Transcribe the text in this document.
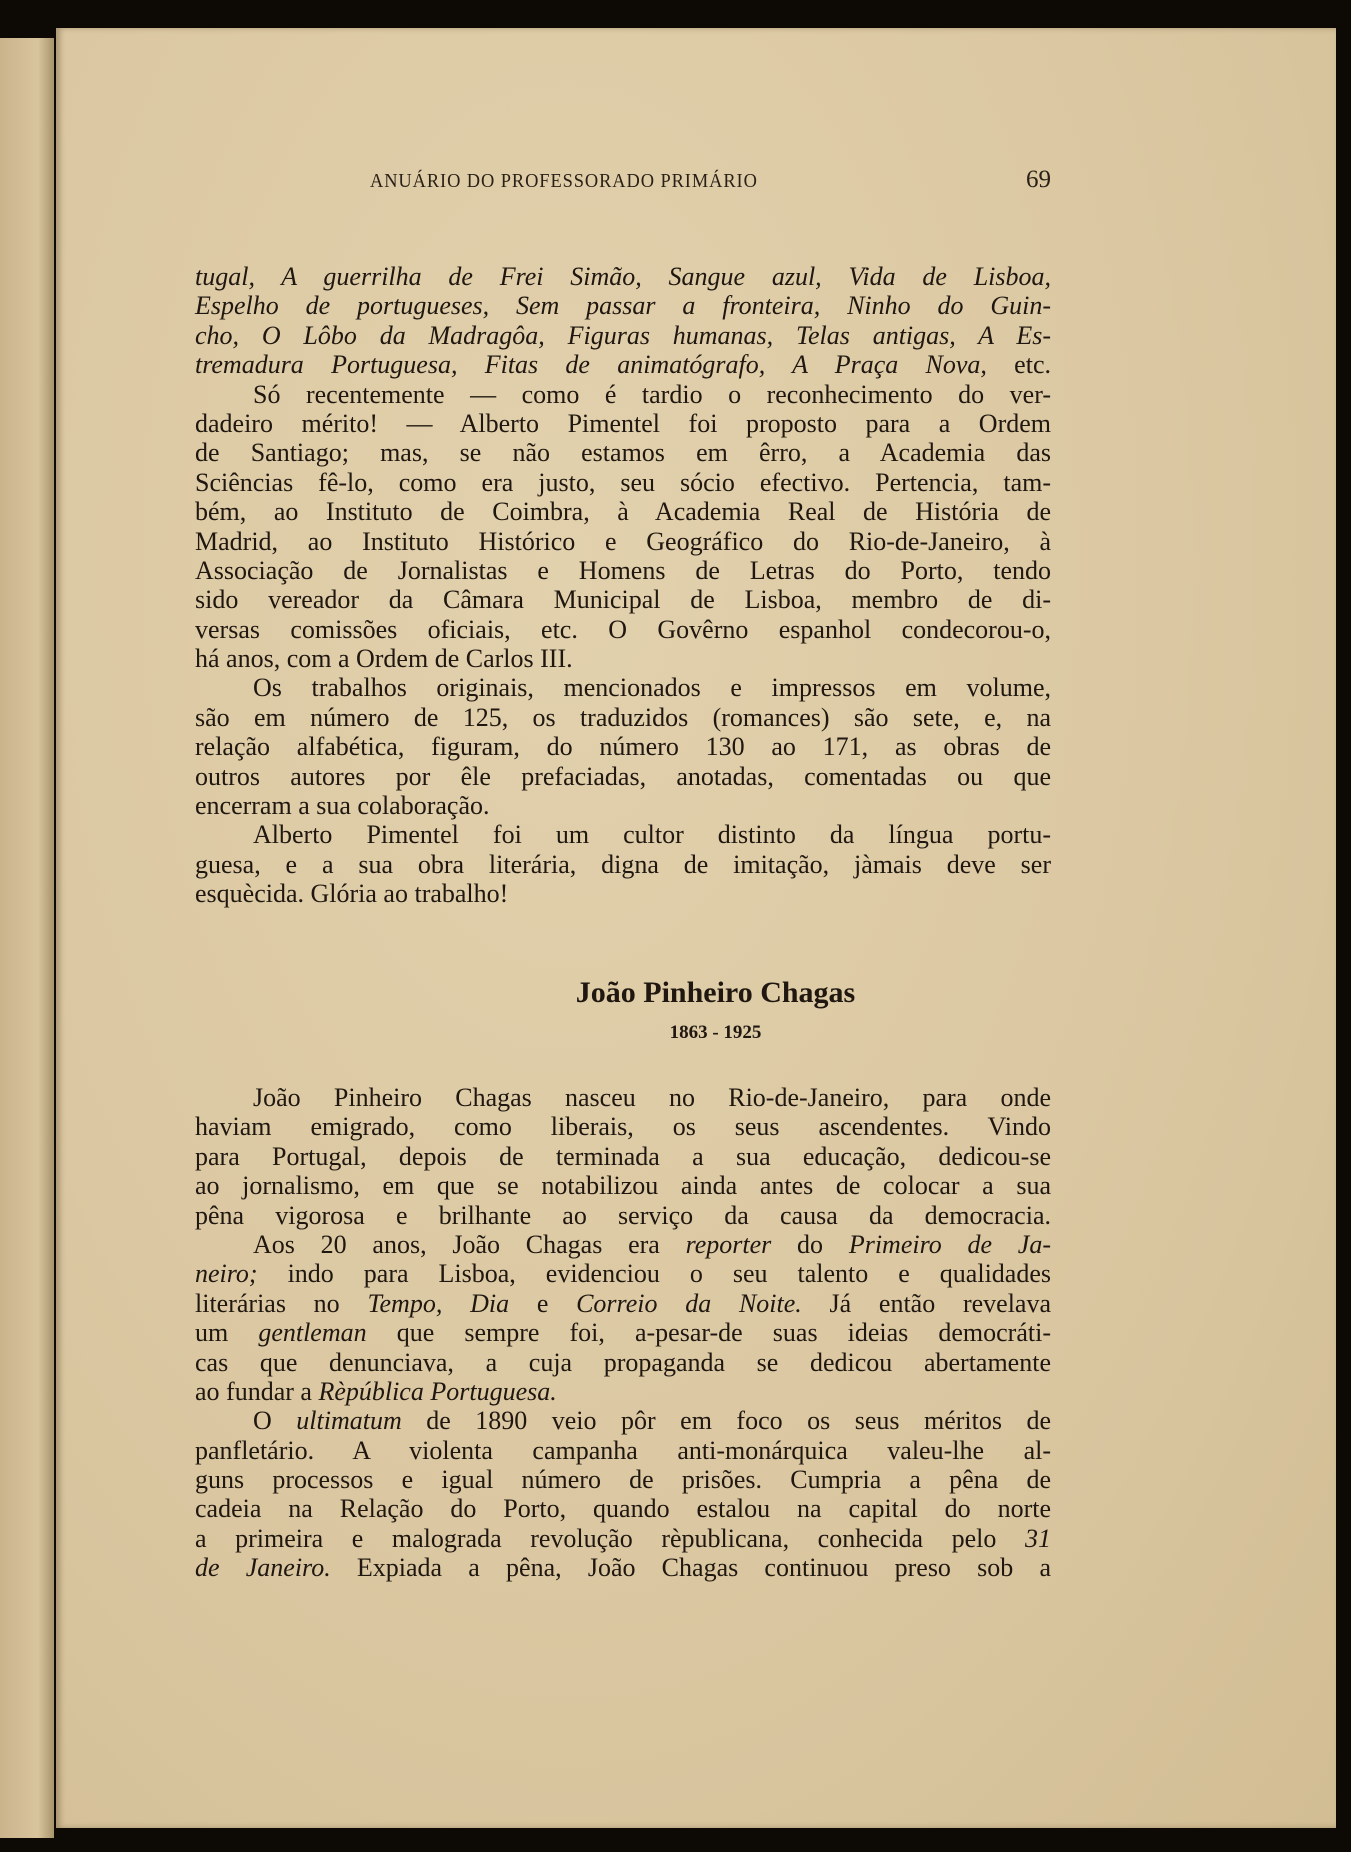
ANUÁRIO DO PROFESSORADO PRIMÁRIO	69
tugal, A guerrilha de Frei Simão, Sangue azul, Vida de Lisboa,
Espelho de portugueses, Sem passar a fronteira, Ninho do Guin-
cho, O Lôbo da Madragôa, Figuras humanas, Telas antigas, A Es-
tremadura Portuguesa, Fitas de animatógrafo, A Praça Nova, etc.
Só recentemente — como é tardio o reconhecimento do ver-
dadeiro mérito! — Alberto Pimentel foi proposto para a Ordem
de Santiago; mas, se não estamos em êrro, a Academia das
Sciências fê-lo, como era justo, seu sócio efectivo. Pertencia, tam-
bém, ao Instituto de Coimbra, à Academia Real de História de
Madrid, ao Instituto Histórico e Geográfico do Rio-de-Janeiro, à
Associação de Jornalistas e Homens de Letras do Porto, tendo
sido vereador da Câmara Municipal de Lisboa, membro de di-
versas comissões oficiais, etc. O Govêrno espanhol condecorou-o,
há anos, com a Ordem de Carlos III.
Os trabalhos originais, mencionados e impressos em volume,
são em número de 125, os traduzidos (romances) são sete, e, na
relação alfabética, figuram, do número 130 ao 171, as obras de
outros autores por êle prefaciadas, anotadas, comentadas ou que
encerram a sua colaboração.
Alberto Pimentel foi um cultor distinto da língua portu-
guesa, e a sua obra literária, digna de imitação, jàmais deve ser
esquècida. Glória ao trabalho!
João Pinheiro Chagas
1863 - 1925
João Pinheiro Chagas nasceu no Rio-de-Janeiro, para onde
haviam emigrado, como liberais, os seus ascendentes. Vindo
para Portugal, depois de terminada a sua educação, dedicou-se
ao jornalismo, em que se notabilizou ainda antes de colocar a sua
pêna vigorosa e brilhante ao serviço da causa da democracia.
Aos 20 anos, João Chagas era reporter do Primeiro de Ja-
neiro; indo para Lisboa, evidenciou o seu talento e qualidades
literárias no Tempo, Dia e Correio da Noite. Já então revelava
um gentleman que sempre foi, a-pesar-de suas ideias democráti-
cas que denunciava, a cuja propaganda se dedicou abertamente
ao fundar a Rèpública Portuguesa.
O ultimatum de 1890 veio pôr em foco os seus méritos de
panfletário. A violenta campanha anti-monárquica valeu-lhe al-
guns processos e igual número de prisões. Cumpria a pêna de
cadeia na Relação do Porto, quando estalou na capital do norte
a primeira e malograda revolução rèpublicana, conhecida pelo 31
de Janeiro. Expiada a pêna, João Chagas continuou preso sob a
